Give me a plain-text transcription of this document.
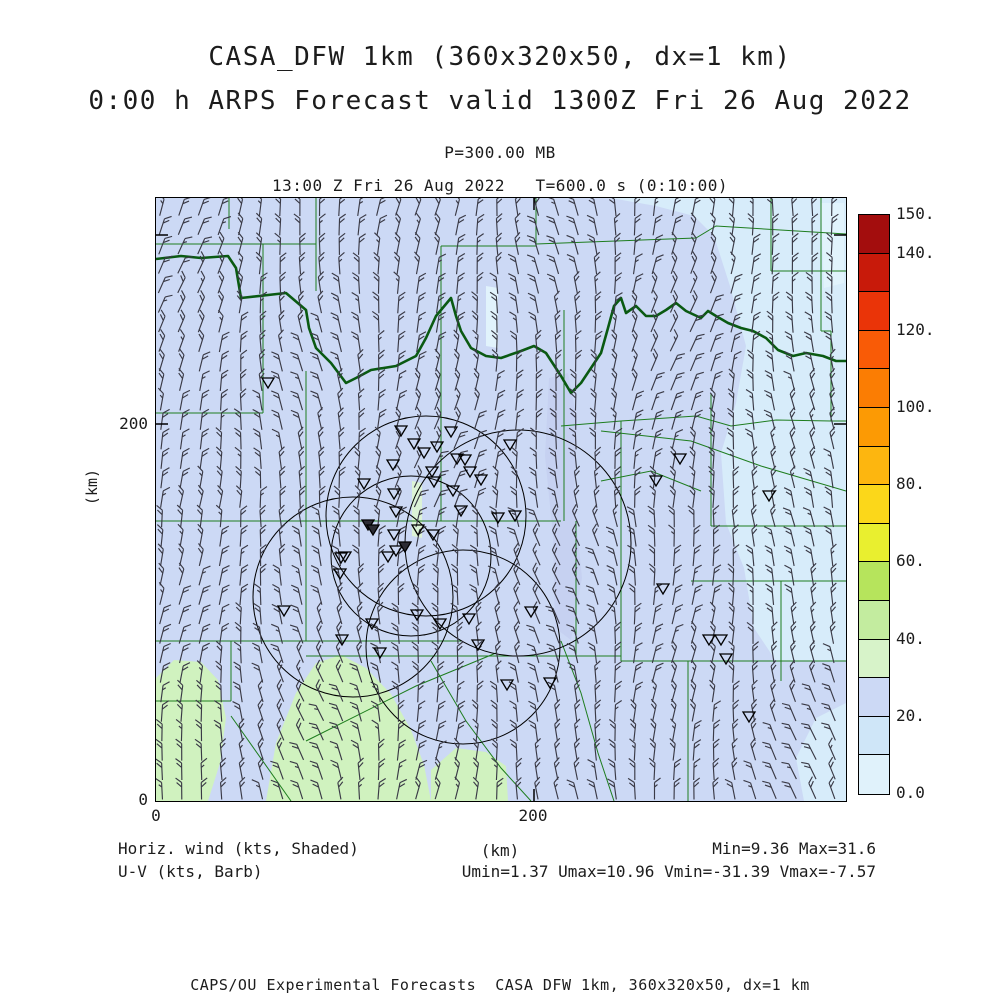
CASA_DFW 1km (360x320x50, dx=1 km)
0:00 h ARPS Forecast valid 1300Z Fri 26 Aug 2022
P=300.00 MB
13:00 Z Fri 26 Aug 2022   T=600.0 s (0:10:00)
200
0
0	200
(km)
150.
140.
120.
100.
80.
60.
40.
20.
0.0
Horiz. wind (kts, Shaded)
U-V (kts, Barb)
(km)	Min=9.36 Max=31.6
Umin=1.37 Umax=10.96 Vmin=-31.39 Vmax=-7.57
CAPS/OU Experimental Forecasts  CASA DFW 1km, 360x320x50, dx=1 km
